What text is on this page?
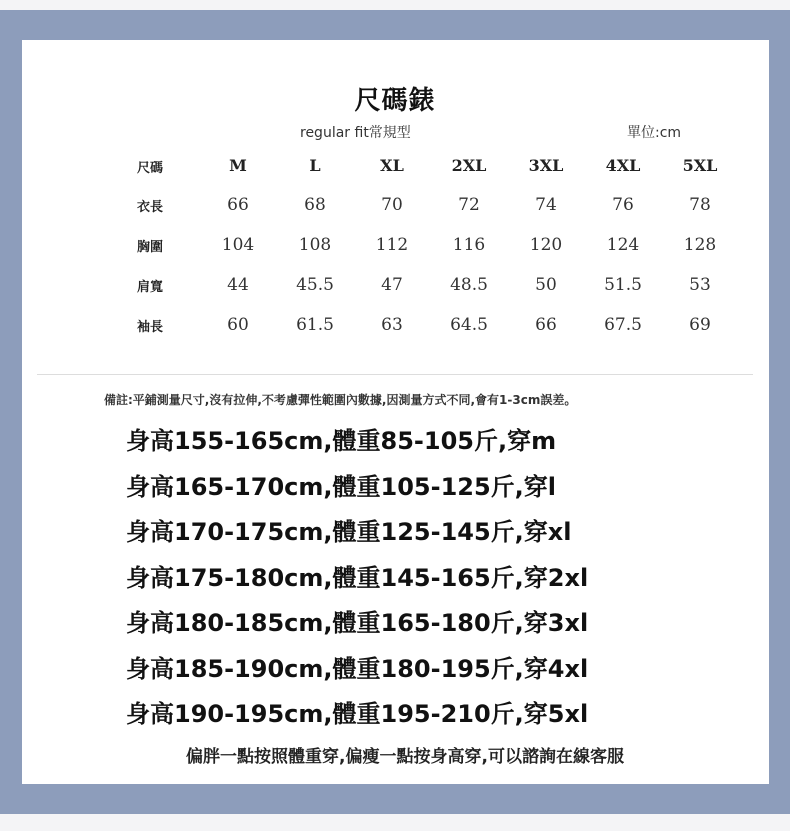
尺碼錶
regular fit常規型	單位:cm
尺碼	M	L	XL	2XL	3XL	4XL	5XL
衣長	66	68	70	72	74	76	78
胸圍	104	108	112	116	120	124	128
肩寬	44	45.5	47	48.5	50	51.5	53
袖長	60	61.5	63	64.5	66	67.5	69
備註:平鋪測量尺寸,沒有拉伸,不考慮彈性範圍內數據,因測量方式不同,會有1-3cm誤差。
身高155-165cm,體重85-105斤,穿m
身高165-170cm,體重105-125斤,穿l
身高170-175cm,體重125-145斤,穿xl
身高175-180cm,體重145-165斤,穿2xl
身高180-185cm,體重165-180斤,穿3xl
身高185-190cm,體重180-195斤,穿4xl
身高190-195cm,體重195-210斤,穿5xl
偏胖一點按照體重穿,偏瘦一點按身高穿,可以諮詢在線客服
